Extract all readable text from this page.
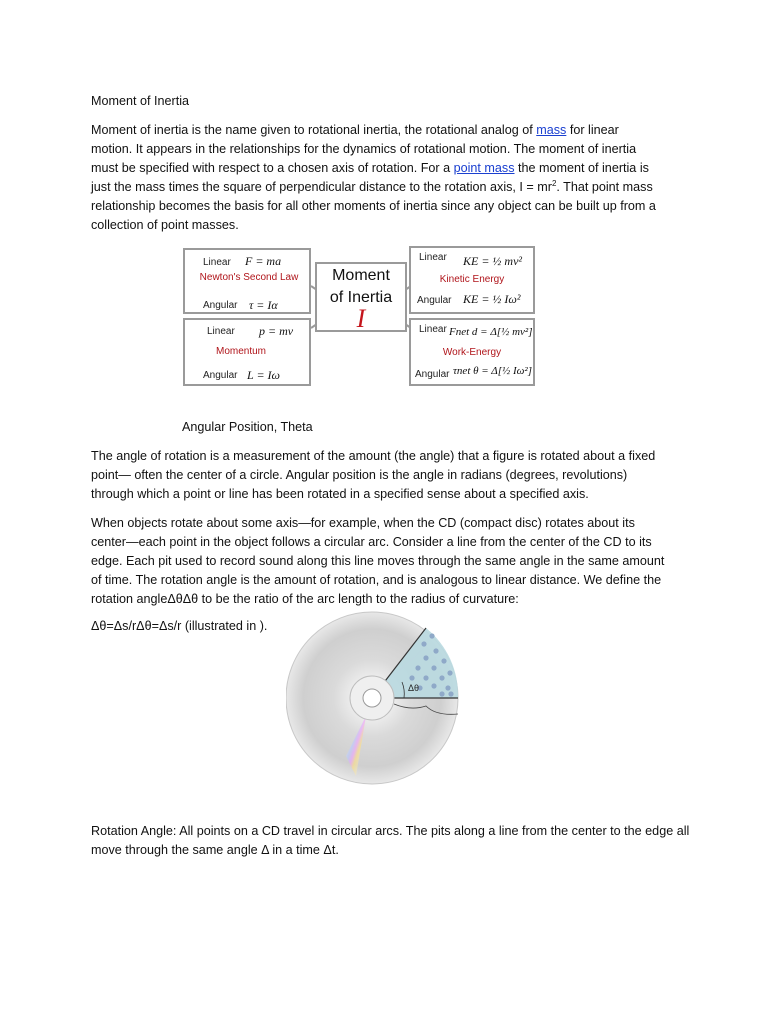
Moment of Inertia

Moment of inertia is the name given to rotational inertia, the rotational analog of mass for linear motion. It appears in the relationships for the dynamics of rotational motion. The moment of inertia must be specified with respect to a chosen axis of rotation. For a point mass the moment of inertia is just the mass times the square of perpendicular distance to the rotation axis, $I = mr^2$. That point mass relationship becomes the basis for all other moments of inertia since any object can be built up from a collection of point masses.

Linear F = ma
Newton's Second Law
Angular τ = Iα
Linear p = mv
Momentum
Angular L = Iω
Moment
of Inertia
I
Linear KE = ½ mv²
Kinetic Energy
Angular KE = ½ Iω²
Linear Fnet d = Δ[½ mv²]
Work-Energy
Angular τnet θ = Δ[½ Iω²]

Angular Position, Theta

The angle of rotation is a measurement of the amount (the angle) that a figure is rotated about a fixed point— often the center of a circle. Angular position is the angle in radians (degrees, revolutions) through which a point or line has been rotated in a specified sense about a specified axis.

When objects rotate about some axis—for example, when the CD (compact disc) rotates about its center—each point in the object follows a circular arc. Consider a line from the center of the CD to its edge. Each pit used to record sound along this line moves through the same angle in the same amount of time. The rotation angle is the amount of rotation, and is analogous to linear distance. We define the rotation angleΔθΔθ to be the ratio of the arc length to the radius of curvature:

Δθ=Δs/rΔθ=Δs/r (illustrated in ).

Δθ

Rotation Angle: All points on a CD travel in circular arcs. The pits along a line from the center to the edge all move through the same angle Δ in a time Δt.
